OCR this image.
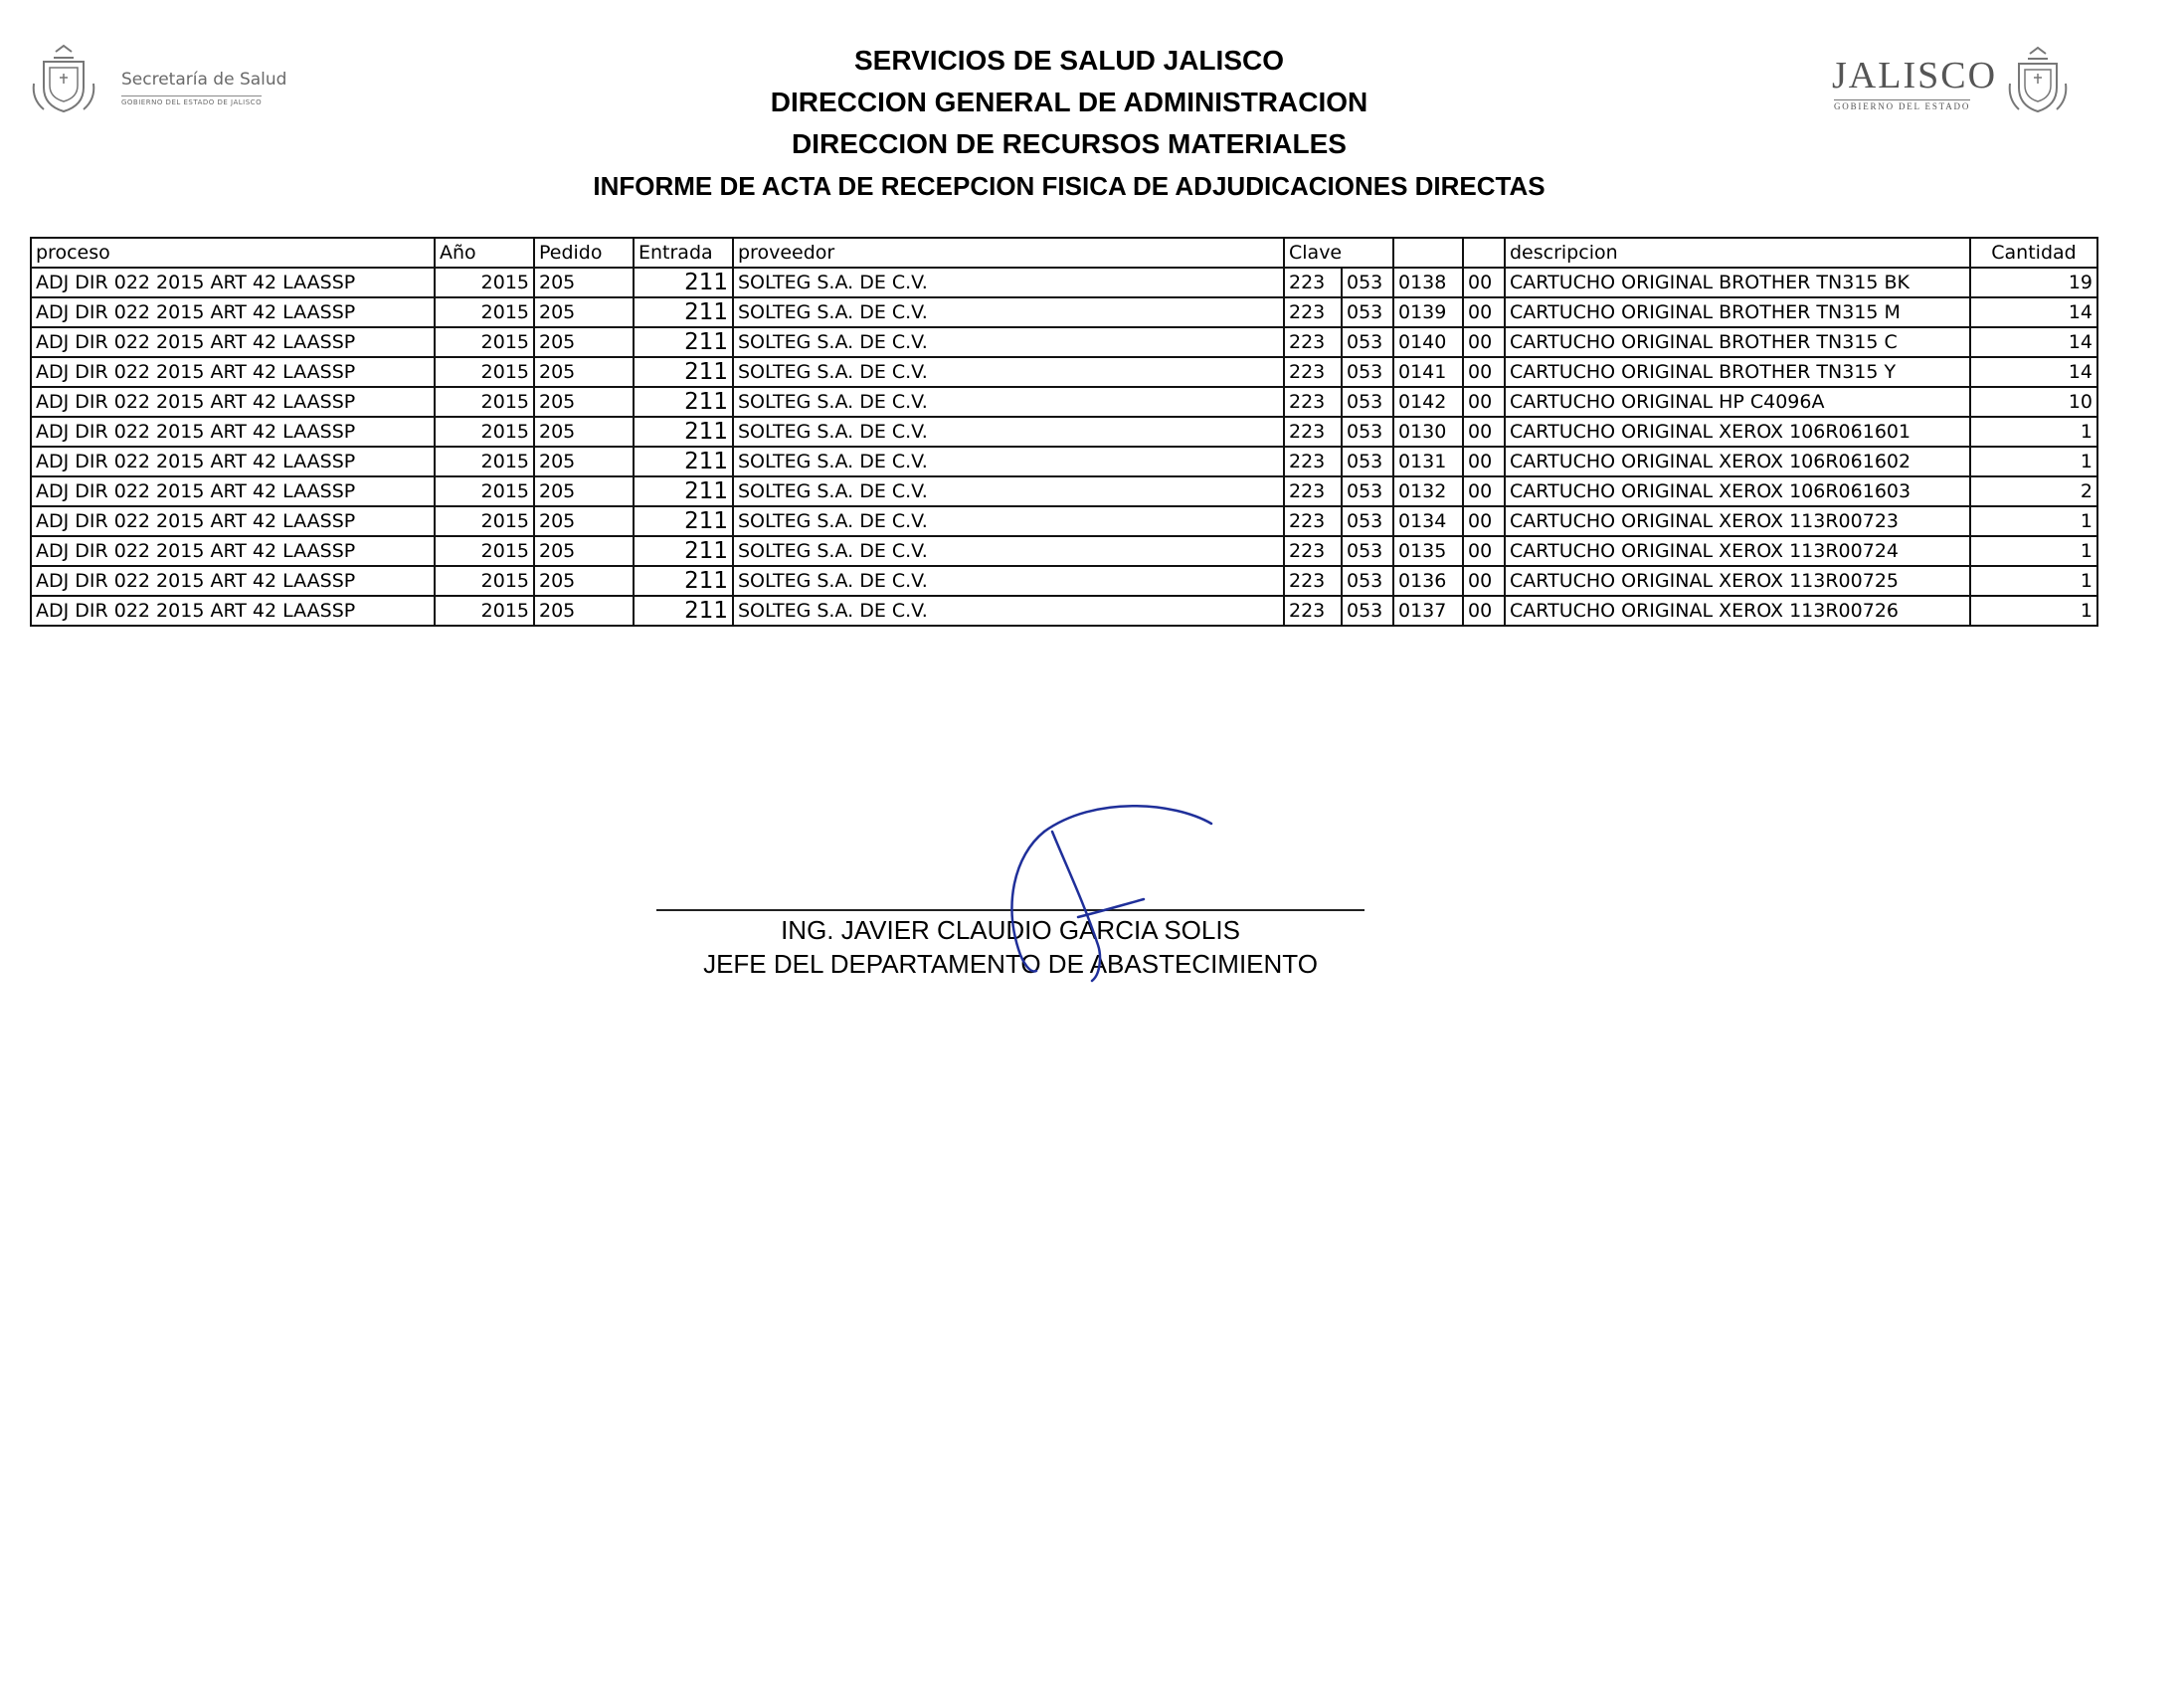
Secretaría de Salud
GOBIERNO DEL ESTADO DE JALISCO
JALISCO
GOBIERNO DEL ESTADO
SERVICIOS DE SALUD JALISCO
DIRECCION GENERAL DE ADMINISTRACION
DIRECCION DE RECURSOS MATERIALES
INFORME DE ACTA DE RECEPCION FISICA DE ADJUDICACIONES DIRECTAS
proceso	Año	Pedido	Entrada	proveedor	Clave				descripcion	Cantidad
ADJ DIR 022 2015 ART 42 LAASSP	2015	205	211	SOLTEG S.A. DE C.V.	223	053	0138	00	CARTUCHO ORIGINAL BROTHER TN315 BK	19
ADJ DIR 022 2015 ART 42 LAASSP	2015	205	211	SOLTEG S.A. DE C.V.	223	053	0139	00	CARTUCHO ORIGINAL BROTHER TN315 M	14
ADJ DIR 022 2015 ART 42 LAASSP	2015	205	211	SOLTEG S.A. DE C.V.	223	053	0140	00	CARTUCHO ORIGINAL BROTHER TN315 C	14
ADJ DIR 022 2015 ART 42 LAASSP	2015	205	211	SOLTEG S.A. DE C.V.	223	053	0141	00	CARTUCHO ORIGINAL BROTHER TN315 Y	14
ADJ DIR 022 2015 ART 42 LAASSP	2015	205	211	SOLTEG S.A. DE C.V.	223	053	0142	00	CARTUCHO ORIGINAL HP C4096A	10
ADJ DIR 022 2015 ART 42 LAASSP	2015	205	211	SOLTEG S.A. DE C.V.	223	053	0130	00	CARTUCHO ORIGINAL XEROX 106R061601	1
ADJ DIR 022 2015 ART 42 LAASSP	2015	205	211	SOLTEG S.A. DE C.V.	223	053	0131	00	CARTUCHO ORIGINAL XEROX 106R061602	1
ADJ DIR 022 2015 ART 42 LAASSP	2015	205	211	SOLTEG S.A. DE C.V.	223	053	0132	00	CARTUCHO ORIGINAL XEROX 106R061603	2
ADJ DIR 022 2015 ART 42 LAASSP	2015	205	211	SOLTEG S.A. DE C.V.	223	053	0134	00	CARTUCHO ORIGINAL XEROX 113R00723	1
ADJ DIR 022 2015 ART 42 LAASSP	2015	205	211	SOLTEG S.A. DE C.V.	223	053	0135	00	CARTUCHO ORIGINAL XEROX 113R00724	1
ADJ DIR 022 2015 ART 42 LAASSP	2015	205	211	SOLTEG S.A. DE C.V.	223	053	0136	00	CARTUCHO ORIGINAL XEROX 113R00725	1
ADJ DIR 022 2015 ART 42 LAASSP	2015	205	211	SOLTEG S.A. DE C.V.	223	053	0137	00	CARTUCHO ORIGINAL XEROX 113R00726	1
ING. JAVIER CLAUDIO GARCIA SOLIS
JEFE DEL DEPARTAMENTO DE ABASTECIMIENTO
